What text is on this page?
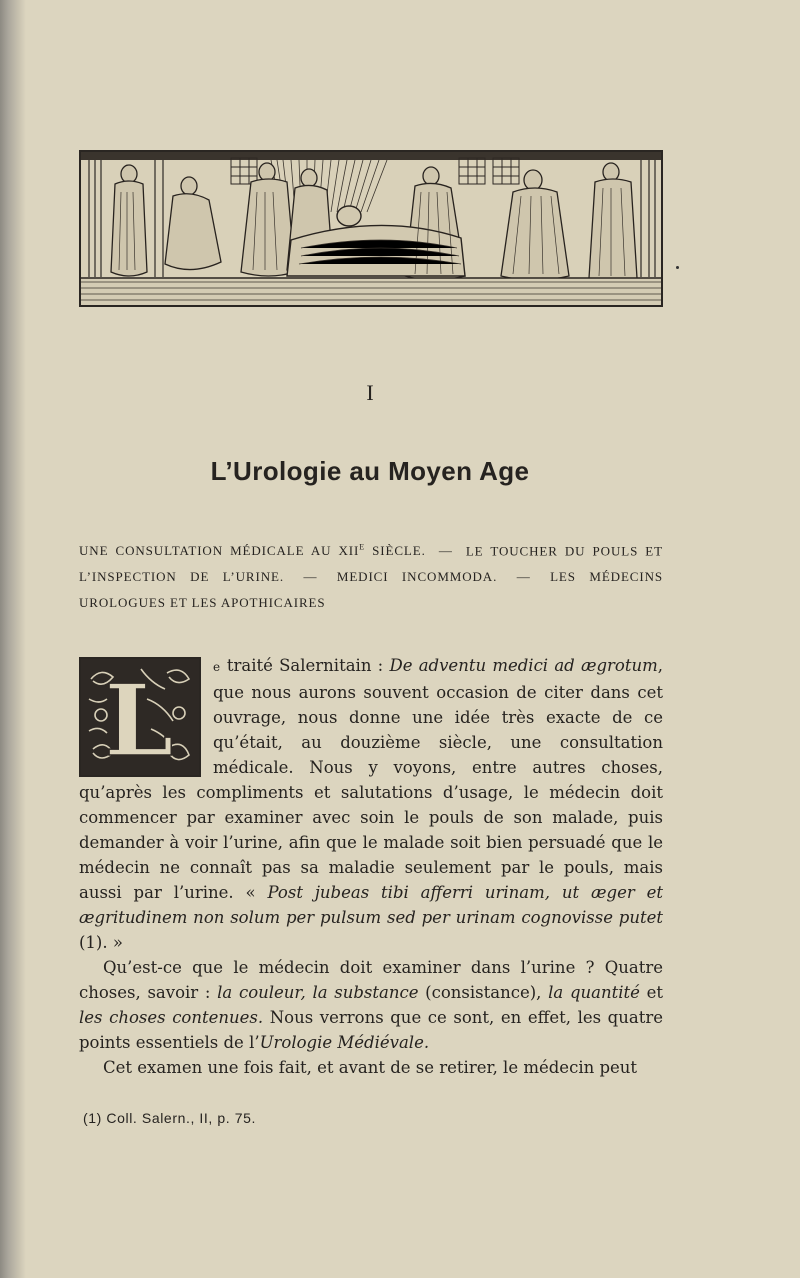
I
L’Urologie au Moyen Age
UNE CONSULTATION MÉDICALE AU $XII^E$ SIÈCLE. — LE TOUCHER DU POULS ET L’INSPECTION DE L’URINE. — MEDICI INCOMMODA. — LES MÉDECINS UROLOGUES ET LES APOTHICAIRES

L	e traité Salernitain : De adventu medici ad ægrotum, que nous aurons souvent occasion de citer dans cet ouvrage, nous donne une idée très exacte de ce qu’était, au douzième siècle, une consultation médicale. Nous y voyons, entre autres choses, qu’après les compliments et salutations d’usage, le médecin doit commencer par examiner avec soin le pouls de son malade, puis demander à voir l’urine, afin que le malade soit bien persuadé que le médecin ne connaît pas sa maladie seulement par le pouls, mais aussi par l’urine. « Post jubeas tibi afferri urinam, ut æger et ægritudinem non solum per pulsum sed per urinam cognovisse putet (1). »

Qu’est-ce que le médecin doit examiner dans l’urine ? Quatre choses, savoir : la couleur, la substance (consistance), la quantité et les choses contenues. Nous verrons que ce sont, en effet, les quatre points essentiels de l’Urologie Médiévale.

Cet examen une fois fait, et avant de se retirer, le médecin peut

(1) Coll. Salern., II, p. 75.
